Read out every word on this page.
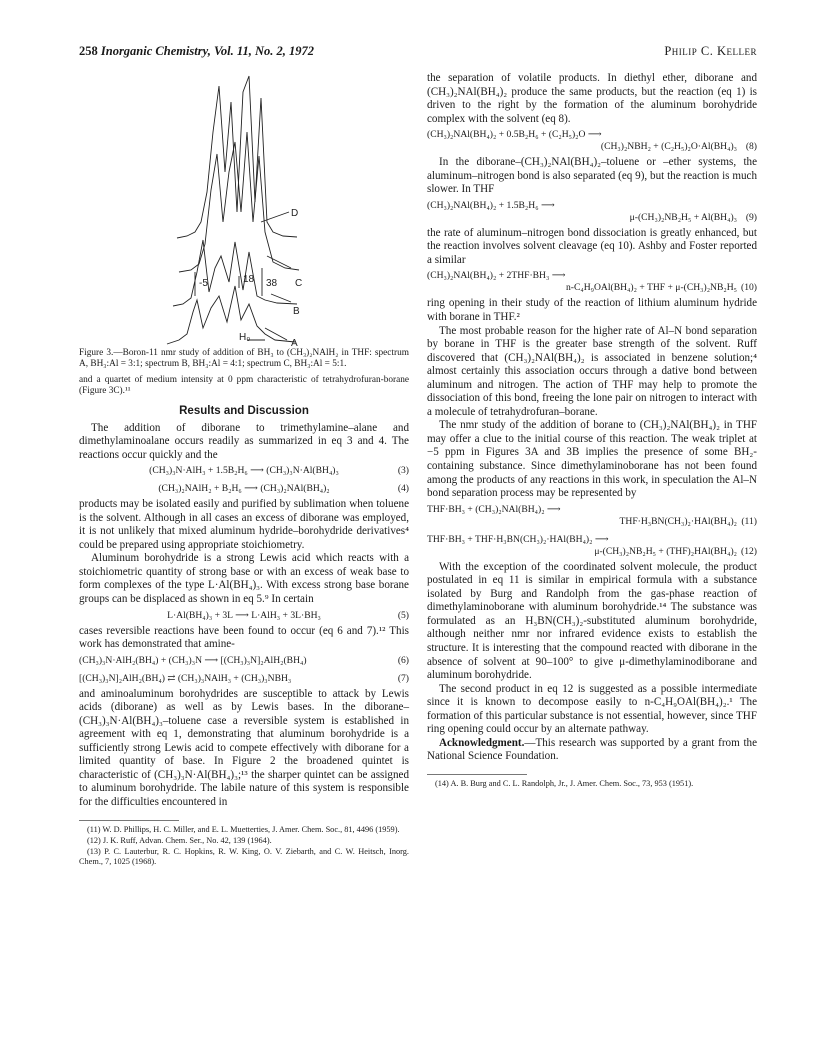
258 Inorganic Chemistry, Vol. 11, No. 2, 1972	Philip C. Keller
D
C
B
A
-5	18 38
H₀
Figure 3.—Boron-11 nmr study of addition of BH₃ to (CH₃)₂NAlH₂ in THF: spectrum A, BH₃:Al = 3:1; spectrum B, BH₃:Al = 4:1; spectrum C, BH₃:Al = 5:1.

and a quartet of medium intensity at 0 ppm characteristic of tetrahydrofuran-borane (Figure 3C).¹¹

Results and Discussion

The addition of diborane to trimethylamine–alane and dimethylaminoalane occurs readily as summarized in eq 3 and 4. The reactions occur quickly and the

(CH₃)₃N·AlH₃ + 1.5B₂H₆ ⟶ (CH₃)₃N·Al(BH₄)₃	(3)
(CH₃)₂NAlH₂ + B₂H₆ ⟶ (CH₃)₂NAl(BH₄)₂	(4)

products may be isolated easily and purified by sublimation when toluene is the solvent. Although in all cases an excess of diborane was employed, it is not unlikely that mixed aluminum hydride–borohydride derivatives⁴ could be prepared using appropriate stoichiometry.

Aluminum borohydride is a strong Lewis acid which reacts with a stoichiometric quantity of strong base or with an excess of weak base to form complexes of the type L·Al(BH₄)₃. With excess strong base borane groups can be displaced as shown in eq 5.⁹ In certain

L·Al(BH₄)₃ + 3L ⟶ L·AlH₃ + 3L·BH₃	(5)

cases reversible reactions have been found to occur (eq 6 and 7).¹² This work has demonstrated that amine-

(CH₃)₃N·AlH₂(BH₄) + (CH₃)₃N ⟶ [(CH₃)₃N]₂AlH₂(BH₄)	(6)
[(CH₃)₃N]₂AlH₂(BH₄) ⇄ (CH₃)₃NAlH₃ + (CH₃)₃NBH₃	(7)

and aminoaluminum borohydrides are susceptible to attack by Lewis acids (diborane) as well as by Lewis bases. In the diborane–(CH₃)₃N·Al(BH₄)₃–toluene case a reversible system is established in agreement with eq 1, demonstrating that aluminum borohydride is a sufficiently strong Lewis acid to compete effectively with diborane for a limited quantity of base. In Figure 2 the broadened quintet is characteristic of (CH₃)₃N·Al(BH₄)₃;¹³ the sharper quintet can be assigned to aluminum borohydride. The labile nature of this system is responsible for the difficulties encountered in

(11) W. D. Phillips, H. C. Miller, and E. L. Muetterties, J. Amer. Chem. Soc., 81, 4496 (1959).
(12) J. K. Ruff, Advan. Chem. Ser., No. 42, 139 (1964).
(13) P. C. Lauterbur, R. C. Hopkins, R. W. King, O. V. Ziebarth, and C. W. Heitsch, Inorg. Chem., 7, 1025 (1968).

the separation of volatile products. In diethyl ether, diborane and (CH₃)₂NAl(BH₄)₂ produce the same products, but the reaction (eq 1) is driven to the right by the formation of the aluminum borohydride complex with the solvent (eq 8).

(CH₃)₂NAl(BH₄)₂ + 0.5B₂H₆ + (C₂H₅)₂O ⟶
(CH₃)₂NBH₂ + (C₂H₅)₂O·Al(BH₄)₃ (8)

In the diborane–(CH₃)₂NAl(BH₄)₂–toluene or –ether systems, the aluminum–nitrogen bond is also separated (eq 9), but the reaction is much slower. In THF

(CH₃)₂NAl(BH₄)₂ + 1.5B₂H₆ ⟶
μ-(CH₃)₂NB₂H₅ + Al(BH₄)₃ (9)

the rate of aluminum–nitrogen bond dissociation is greatly enhanced, but the reaction involves solvent cleavage (eq 10). Ashby and Foster reported a similar

(CH₃)₂NAl(BH₄)₂ + 2THF·BH₃ ⟶
n-C₄H₉OAl(BH₄)₂ + THF + μ-(CH₃)₂NB₂H₅ (10)

ring opening in their study of the reaction of lithium aluminum hydride with borane in THF.²

The most probable reason for the higher rate of Al–N bond separation by borane in THF is the greater base strength of the solvent. Ruff discovered that (CH₃)₂NAl(BH₄)₂ is associated in benzene solution;⁴ almost certainly this association occurs through a dative bond between aluminum and nitrogen. The action of THF may help to promote the dissociation of this bond, freeing the lone pair on nitrogen to interact with a molecule of tetrahydrofuran–borane.

The nmr study of the addition of borane to (CH₃)₂NAl(BH₄)₂ in THF may offer a clue to the initial course of this reaction. The weak triplet at −5 ppm in Figures 3A and 3B implies the presence of some BH₂-containing substance. Since dimethylaminoborane has not been found among the products of any reactions in this work, in speculation the Al–N bond separation process may be represented by

THF·BH₃ + (CH₃)₂NAl(BH₄)₂ ⟶
THF·H₃BN(CH₃)₂·HAl(BH₄)₂ (11)
THF·BH₃ + THF·H₃BN(CH₃)₂·HAl(BH₄)₂ ⟶
μ-(CH₃)₂NB₂H₅ + (THF)₂HAl(BH₄)₂ (12)

With the exception of the coordinated solvent molecule, the product postulated in eq 11 is similar in empirical formula with a substance isolated by Burg and Randolph from the gas-phase reaction of dimethylaminoborane with aluminum borohydride.¹⁴ The substance was formulated as an H₃BN(CH₃)₂-substituted aluminum borohydride, although neither nmr nor infrared evidence exists to establish the structure. It is interesting that the compound reacted with diborane in the absence of solvent at 90–100° to give μ-dimethylaminodiborane and aluminum borohydride.

The second product in eq 12 is suggested as a possible intermediate since it is known to decompose easily to n-C₄H₉OAl(BH₄)₂.¹ The formation of this particular substance is not essential, however, since THF ring opening could occur by an alternate pathway.

Acknowledgment.—This research was supported by a grant from the National Science Foundation.

(14) A. B. Burg and C. L. Randolph, Jr., J. Amer. Chem. Soc., 73, 953 (1951).
